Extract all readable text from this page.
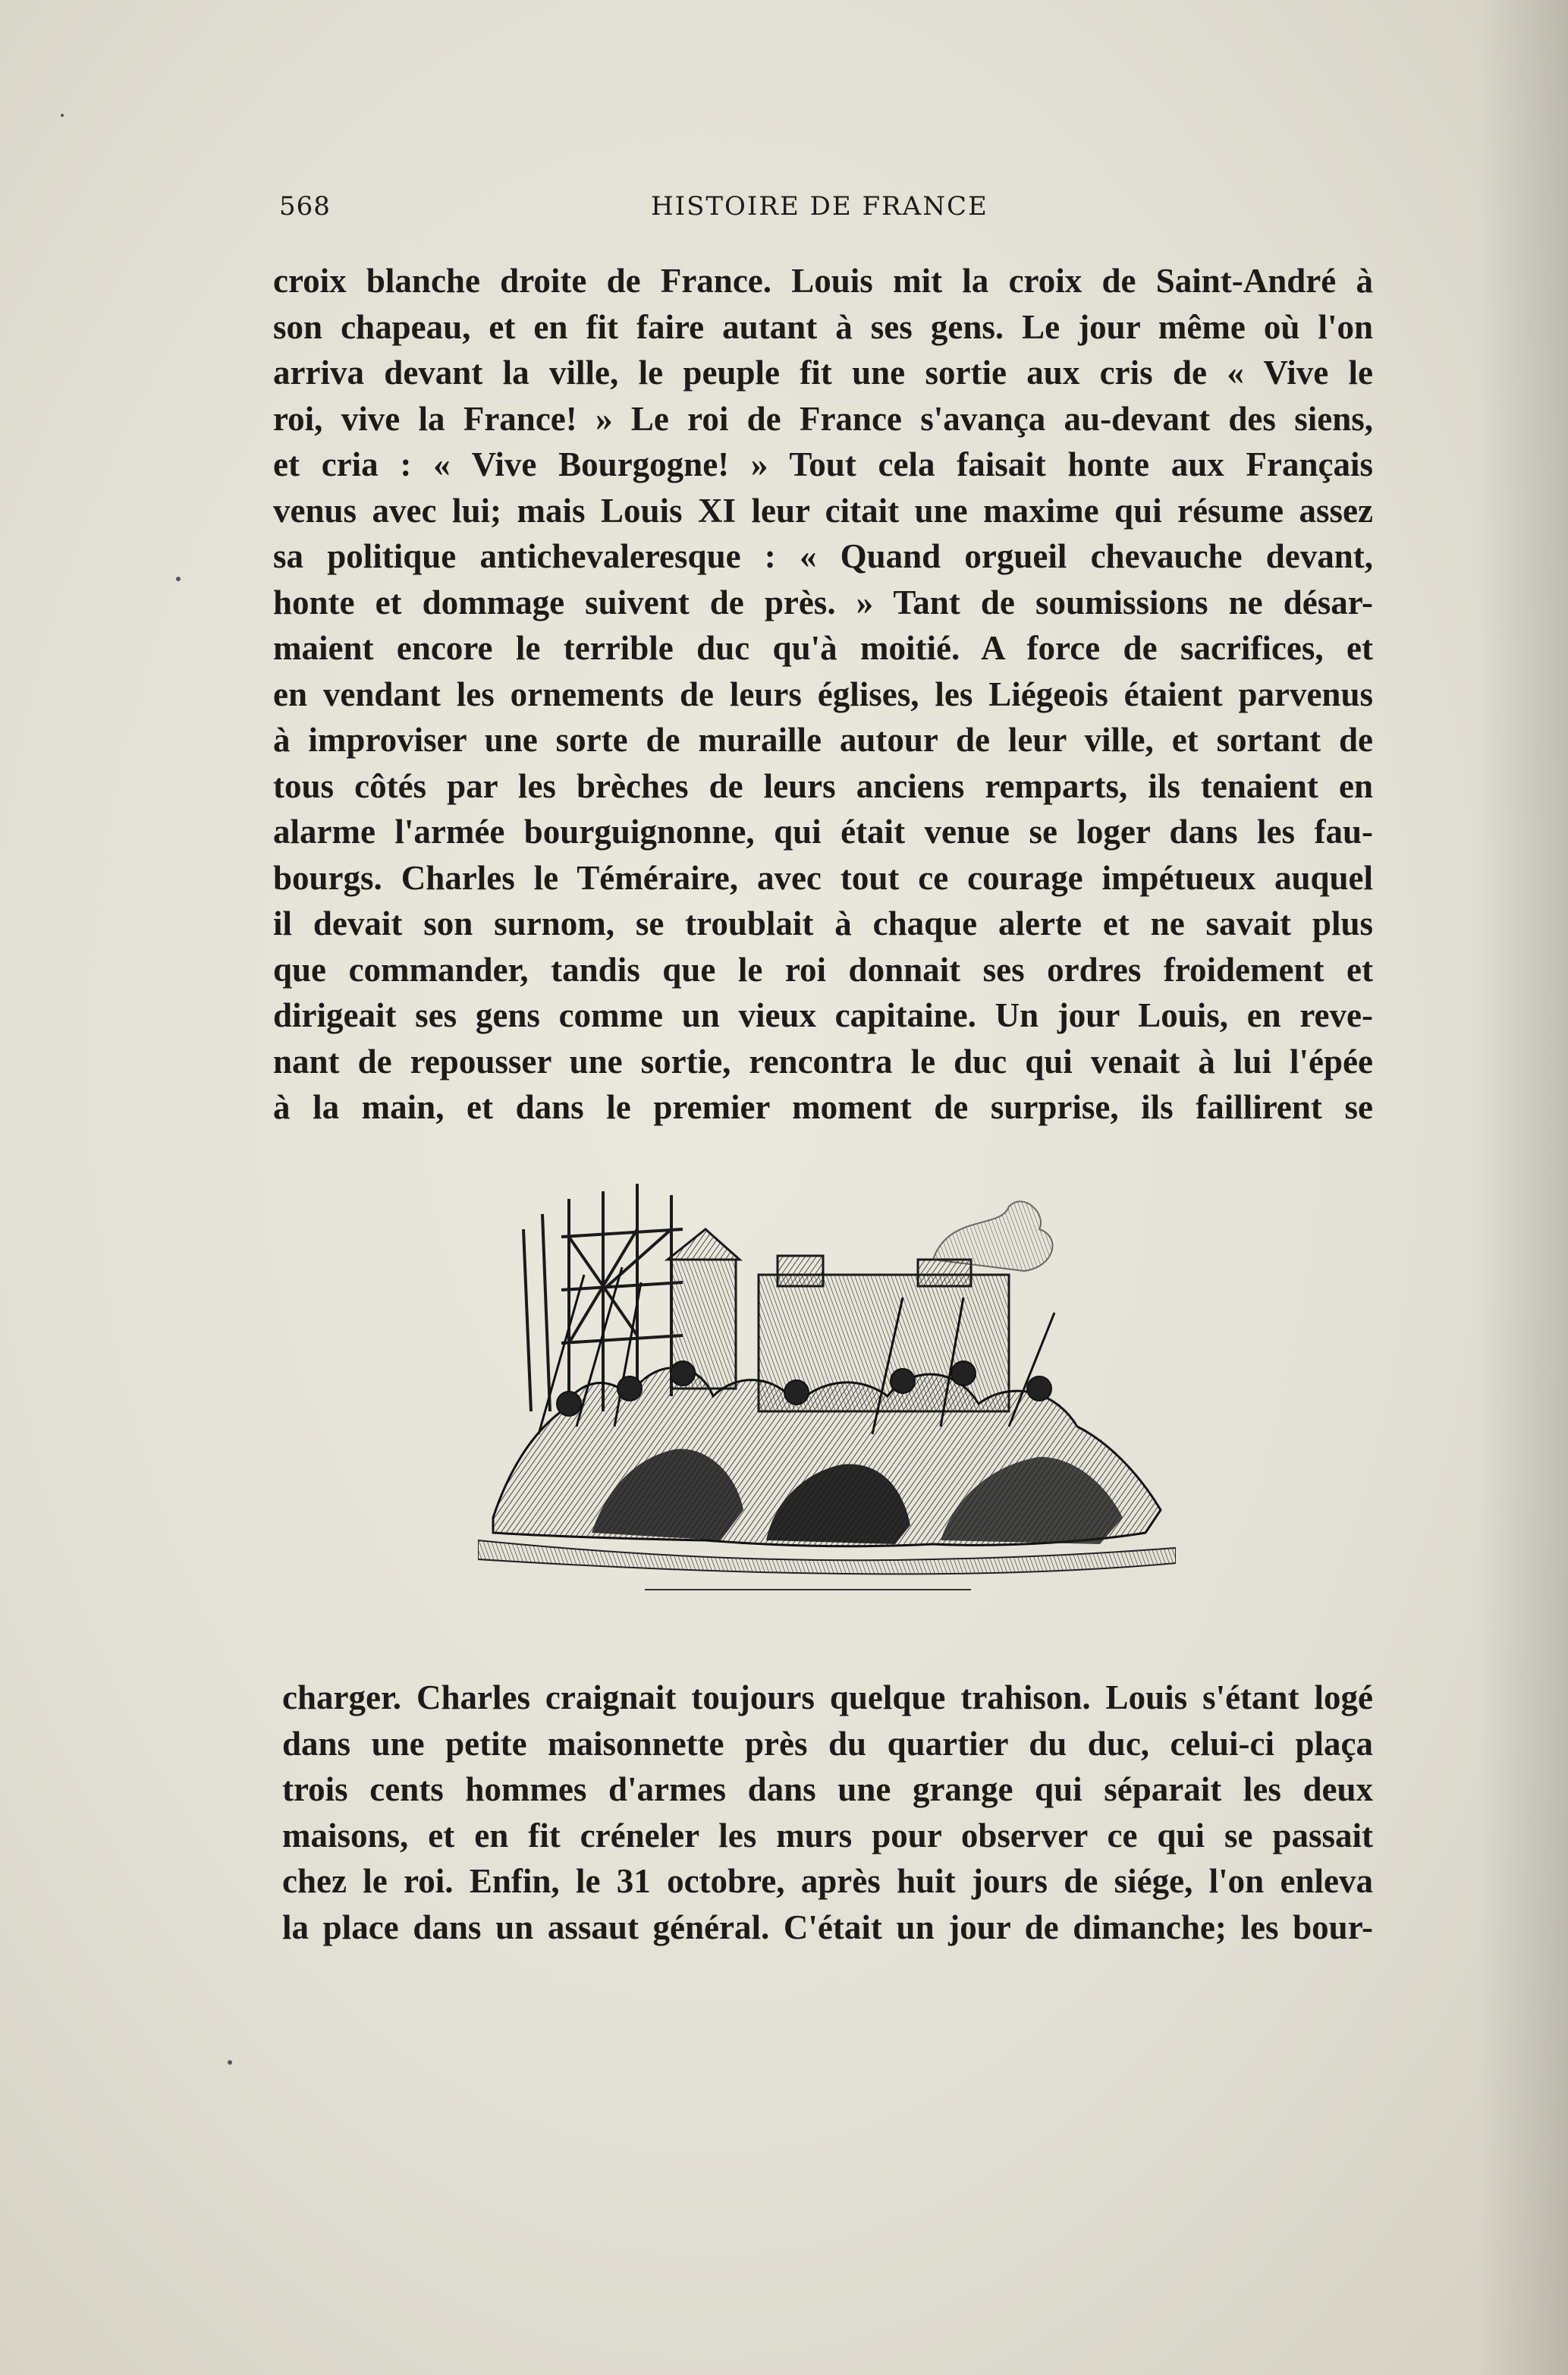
568	HISTOIRE DE FRANCE
croix blanche droite de France. Louis mit la croix de Saint-André à
son chapeau, et en fit faire autant à ses gens. Le jour même où l'on
arriva devant la ville, le peuple fit une sortie aux cris de « Vive le
roi, vive la France! » Le roi de France s'avança au-devant des siens,
et cria : « Vive Bourgogne! » Tout cela faisait honte aux Français
venus avec lui; mais Louis XI leur citait une maxime qui résume assez
sa politique antichevaleresque : « Quand orgueil chevauche devant,
honte et dommage suivent de près. » Tant de soumissions ne désar-
maient encore le terrible duc qu'à moitié. A force de sacrifices, et
en vendant les ornements de leurs églises, les Liégeois étaient parvenus
à improviser une sorte de muraille autour de leur ville, et sortant de
tous côtés par les brèches de leurs anciens remparts, ils tenaient en
alarme l'armée bourguignonne, qui était venue se loger dans les fau-
bourgs. Charles le Téméraire, avec tout ce courage impétueux auquel
il devait son surnom, se troublait à chaque alerte et ne savait plus
que commander, tandis que le roi donnait ses ordres froidement et
dirigeait ses gens comme un vieux capitaine. Un jour Louis, en reve-
nant de repousser une sortie, rencontra le duc qui venait à lui l'épée
à la main, et dans le premier moment de surprise, ils faillirent se
charger. Charles craignait toujours quelque trahison. Louis s'étant logé
dans une petite maisonnette près du quartier du duc, celui-ci plaça
trois cents hommes d'armes dans une grange qui séparait les deux
maisons, et en fit créneler les murs pour observer ce qui se passait
chez le roi. Enfin, le 31 octobre, après huit jours de siége, l'on enleva
la place dans un assaut général. C'était un jour de dimanche; les bour-
